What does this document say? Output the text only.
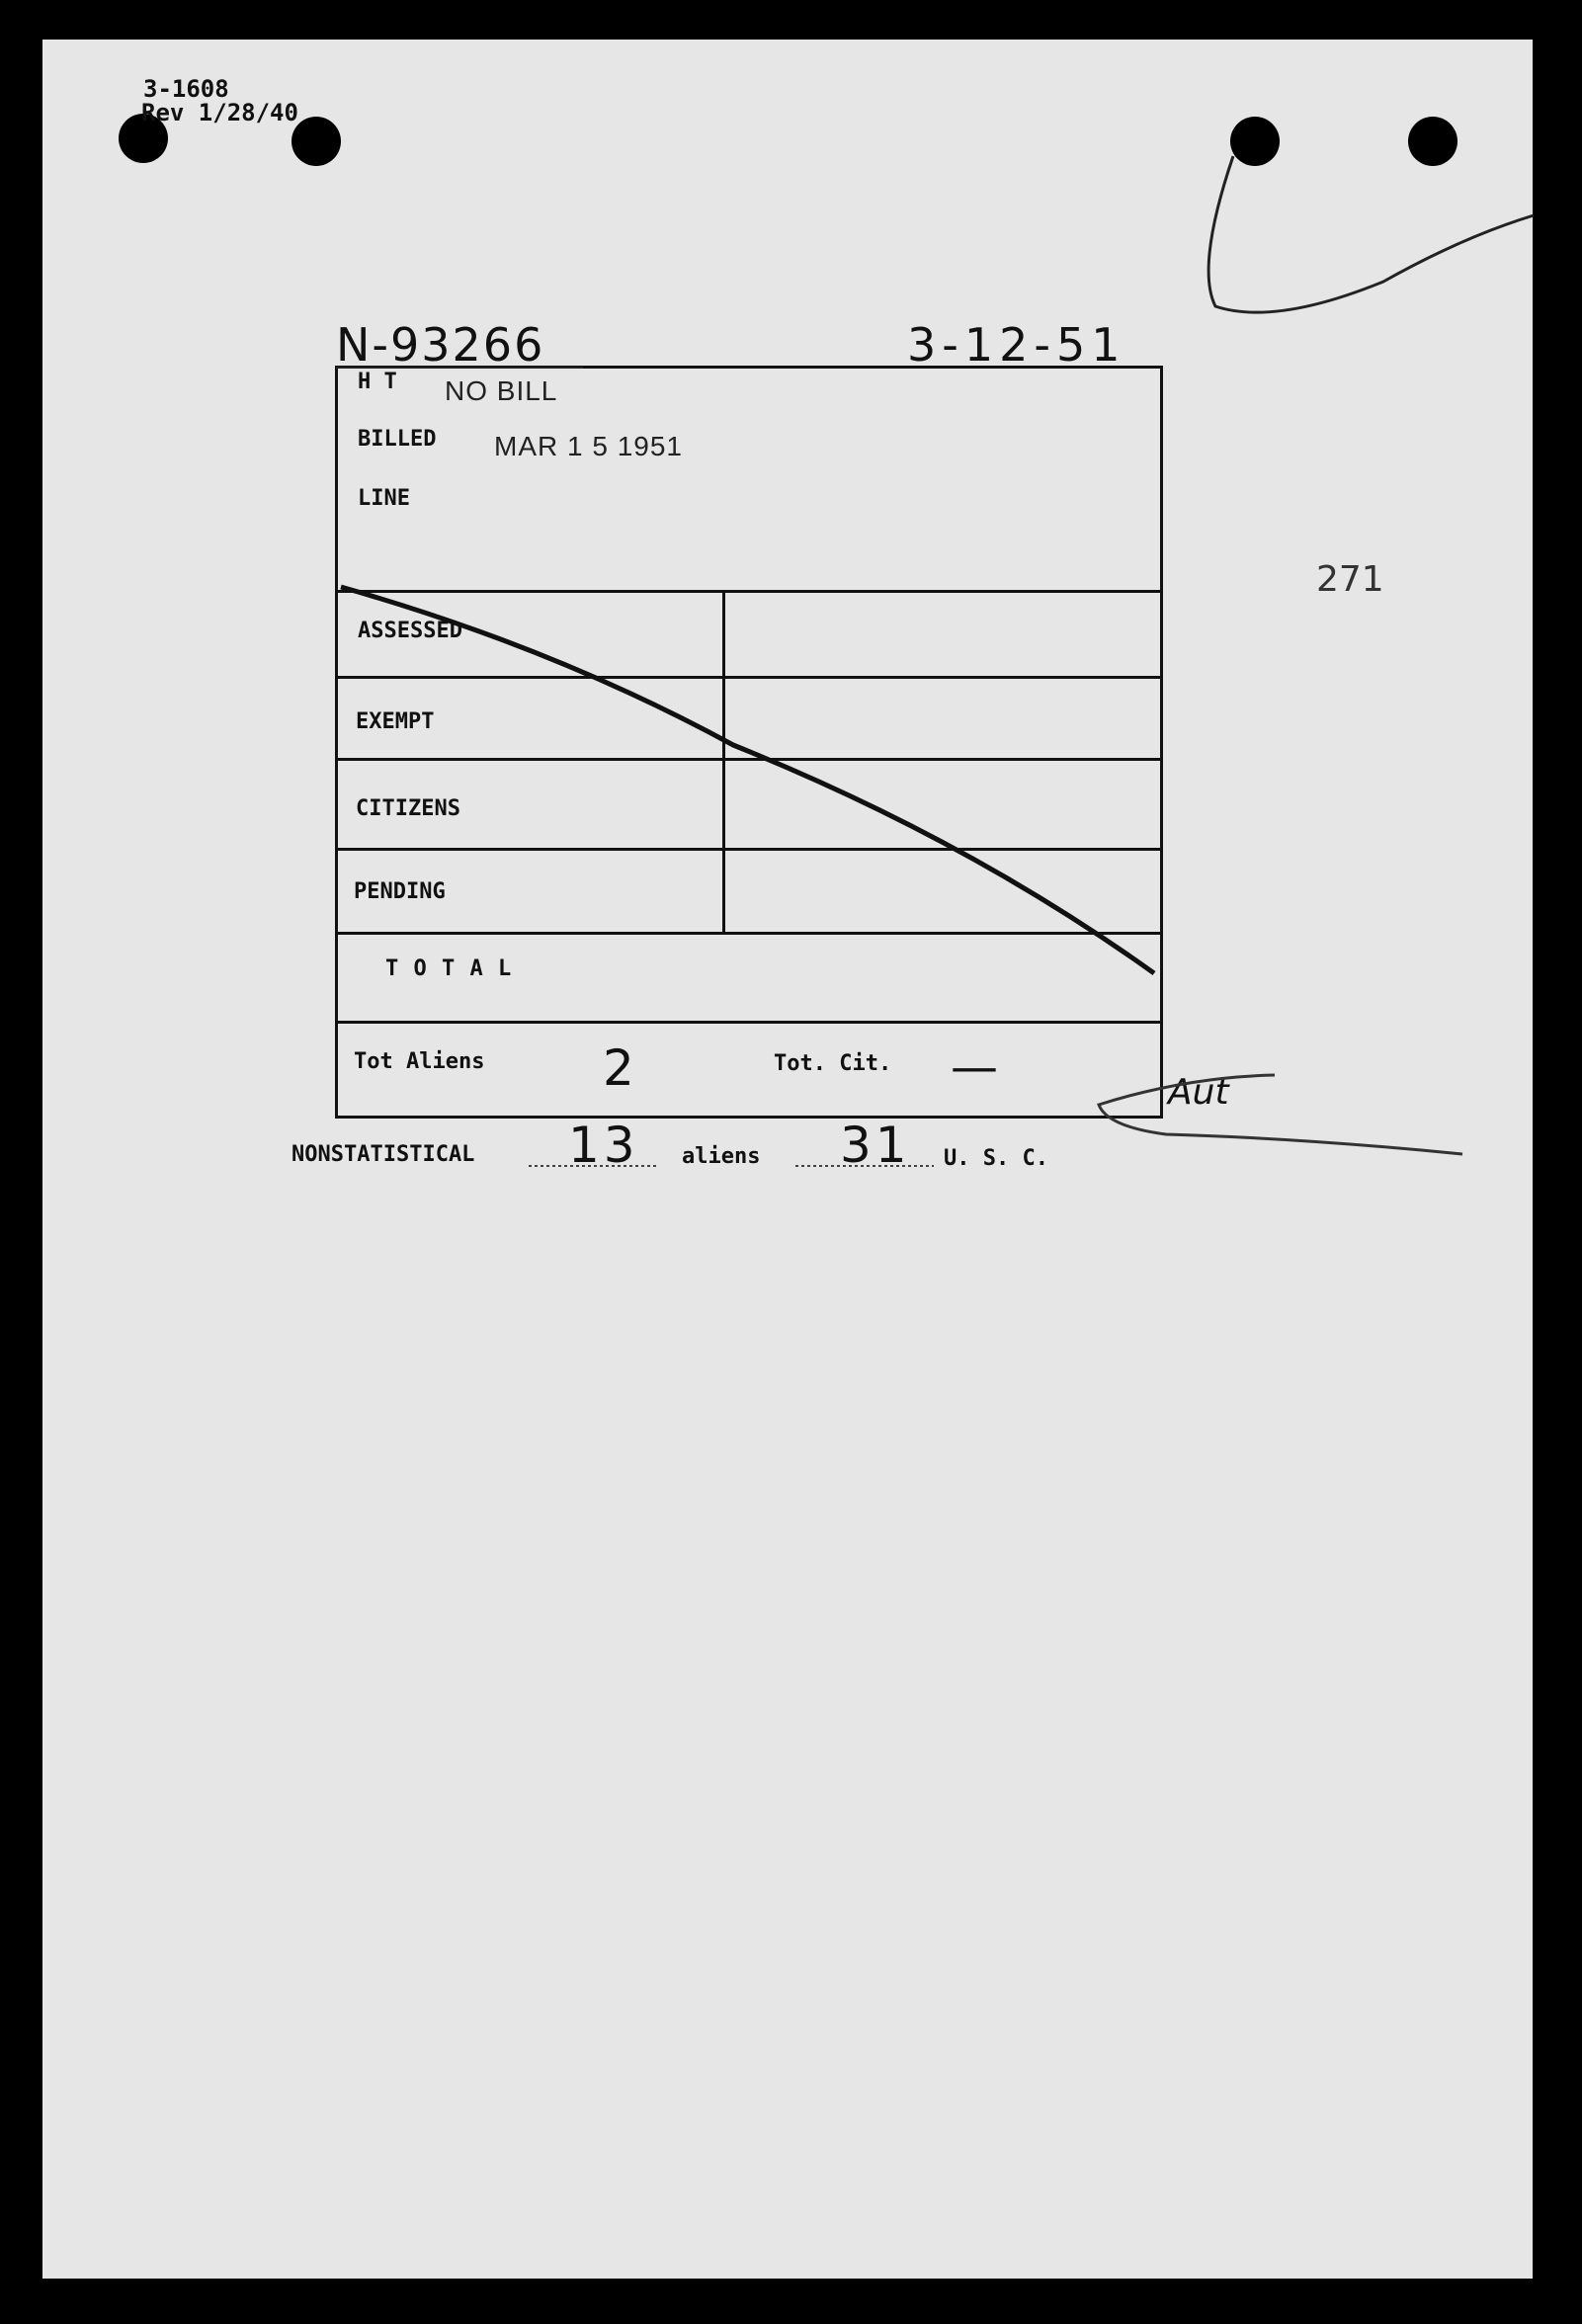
3-1608
Rev 1/28/40
N-93266	3-12-51
H T NO BILL
BILLED MAR 1 5 1951
LINE
ASSESSED
EXEMPT
CITIZENS
PENDING
T O T A L
Tot Aliens 2	Tot. Cit. —
271
NONSTATISTICAL 13 aliens 31 U. S. C.
Aut
